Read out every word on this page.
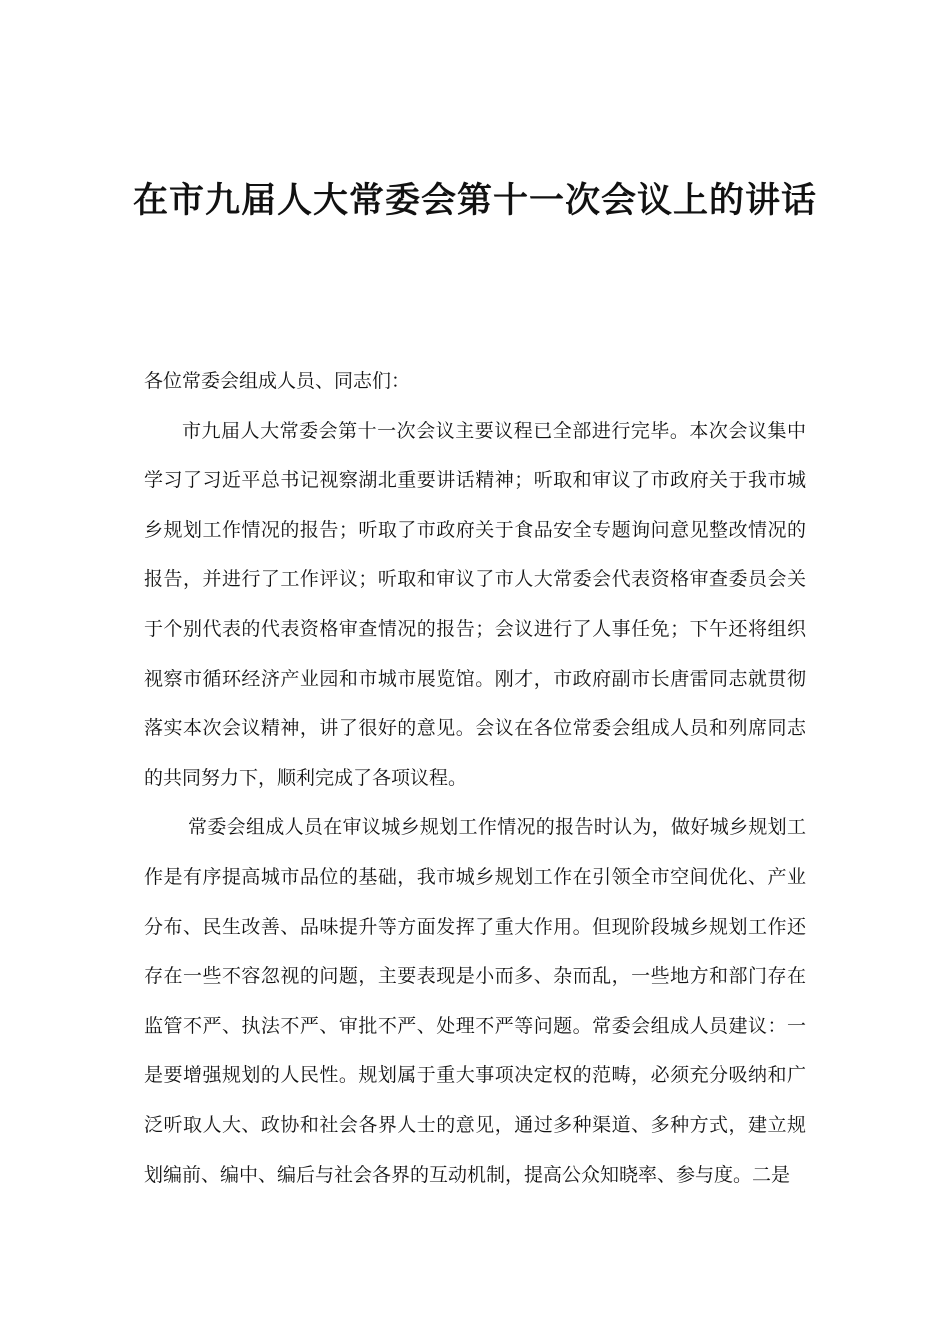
在市九届人大常委会第十一次会议上的讲话

各位常委会组成人员、同志们：

市九届人大常委会第十一次会议主要议程已全部进行完毕。本次会议集中学习了习近平总书记视察湖北重要讲话精神；听取和审议了市政府关于我市城乡规划工作情况的报告；听取了市政府关于食品安全专题询问意见整改情况的报告，并进行了工作评议；听取和审议了市人大常委会代表资格审查委员会关于个别代表的代表资格审查情况的报告；会议进行了人事任免；下午还将组织视察市循环经济产业园和市城市展览馆。刚才，市政府副市长唐雷同志就贯彻落实本次会议精神，讲了很好的意见。会议在各位常委会组成人员和列席同志的共同努力下，顺利完成了各项议程。

常委会组成人员在审议城乡规划工作情况的报告时认为，做好城乡规划工作是有序提高城市品位的基础，我市城乡规划工作在引领全市空间优化、产业分布、民生改善、品味提升等方面发挥了重大作用。但现阶段城乡规划工作还存在一些不容忽视的问题，主要表现是小而多、杂而乱，一些地方和部门存在监管不严、执法不严、审批不严、处理不严等问题。常委会组成人员建议：一是要增强规划的人民性。规划属于重大事项决定权的范畴，必须充分吸纳和广泛听取人大、政协和社会各界人士的意见，通过多种渠道、多种方式，建立规划编前、编中、编后与社会各界的互动机制，提高公众知晓率、参与度。二是
